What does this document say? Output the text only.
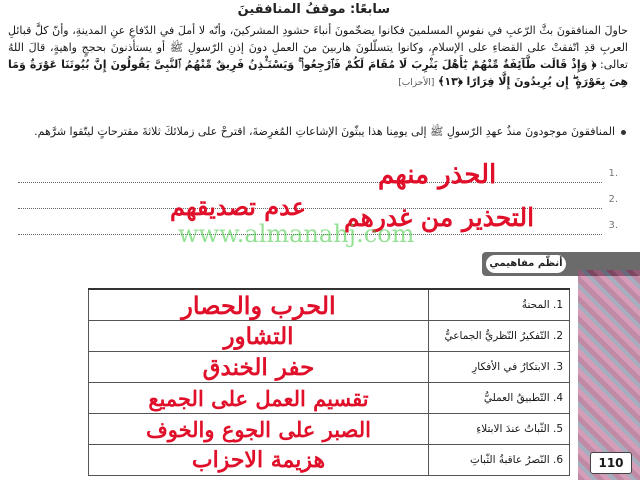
سابعًا: موقفُ المنافقينَ
حاولَ المنافقونَ بثَّ الرّعبِ في نفوسِ المسلمينَ فكانوا يضخّمونَ أنباءَ حشودِ المشركينَ، وأنّه لا أملَ في الدّفاعِ عنِ المدينةِ، وأنّ كلَّ قبائلِ العربِ قدِ اتّفقتْ على القضاءِ على الإسلامِ، وكانوا يتسلّلونَ هاربينَ منَ العملِ دونَ إذنِ الرّسولِ ﷺ أو يستأذنونَ بحججٍ واهيةٍ، قالَ اللهُ تعالى: ﴿ وَإِذْ قَالَت طَّآئِفَةٌ مِّنْهُمْ يَٰٓأَهْلَ يَثْرِبَ لَا مُقَامَ لَكُمْ فَٱرْجِعُوا۟ ۚ وَيَسْتَـْٔذِنُ فَرِيقٌ مِّنْهُمُ ٱلنَّبِىَّ يَقُولُونَ إِنَّ بُيُوتَنَا عَوْرَةٌ وَمَا هِىَ بِعَوْرَةٍ ۖ إِن يُرِيدُونَ إِلَّا فِرَارًا ﴿١٣﴾ [الأحزاب]
المنافقونَ موجودونَ منذُ عهدِ الرّسولِ ﷺ إلى يومِنا هذا يبثّونَ الإشاعاتِ المُغرِضةَ، اقترحْ على زملائكَ ثلاثةَ مقترحاتٍ ليتّقوا شرَّهم.
1.
2.
3.
الحذر منهم
عدم تصديقهم التحذير من غدرهم
www.almanahj.com
أنظّم مفاهيمي
1. المحنةُ	الحرب والحصار
2. التّفكيرُ النّظريُّ الجماعيُّ	التشاور
3. الابتكارُ في الأفكارِ	حفر الخندق
4. التّطبيقُ العمليُّ	تقسيم العمل على الجميع
5. الثّباتُ عندَ الابتلاءِ	الصبر على الجوع والخوف
6. النّصرُ عاقبةُ الثّباتِ	هزيمة الاحزاب	110
